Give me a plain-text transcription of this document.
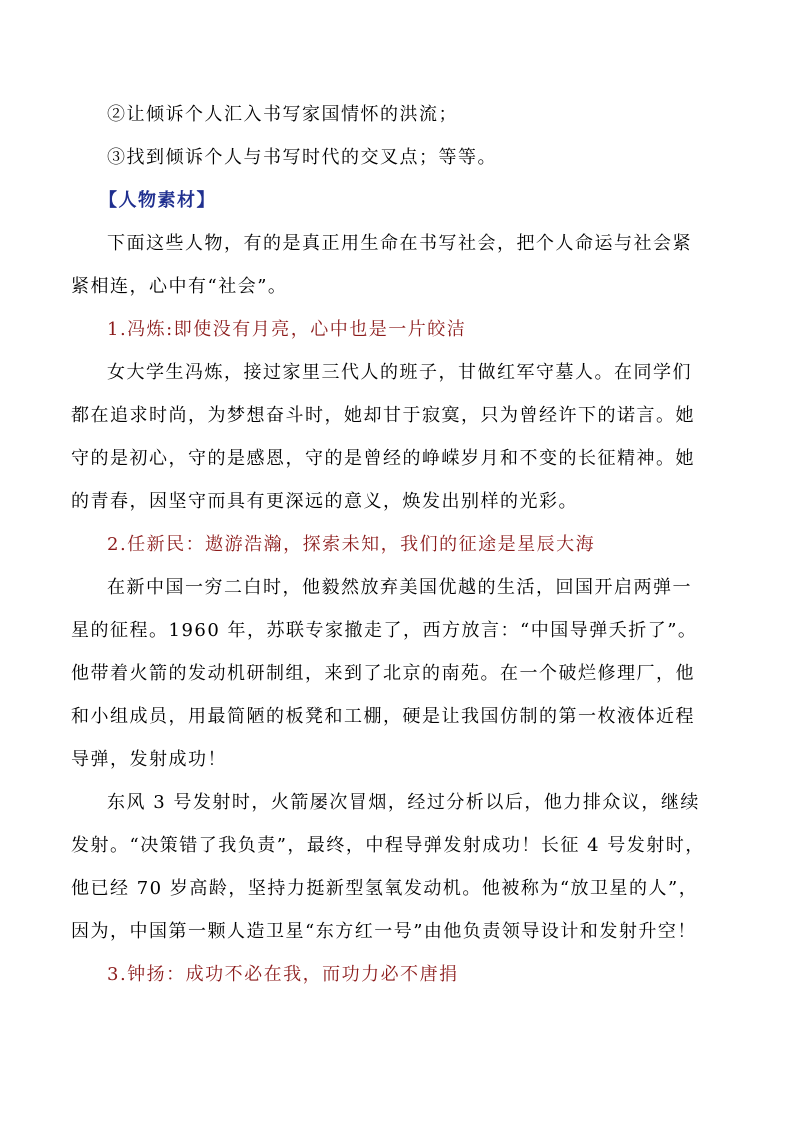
②让倾诉个人汇入书写家国情怀的洪流；
③找到倾诉个人与书写时代的交叉点；等等。
【人物素材】
下面这些人物，有的是真正用生命在书写社会，把个人命运与社会紧
紧相连，心中有“社会”。
1.冯炼:即使没有月亮，心中也是一片皎洁
女大学生冯炼，接过家里三代人的班子，甘做红军守墓人。在同学们
都在追求时尚，为梦想奋斗时，她却甘于寂寞，只为曾经许下的诺言。她
守的是初心，守的是感恩，守的是曾经的峥嵘岁月和不变的长征精神。她
的青春，因坚守而具有更深远的意义，焕发出别样的光彩。
2.任新民：遨游浩瀚，探索未知，我们的征途是星辰大海
在新中国一穷二白时，他毅然放弃美国优越的生活，回国开启两弹一
星的征程。1960 年，苏联专家撤走了，西方放言：“中国导弹夭折了”。
他带着火箭的发动机研制组，来到了北京的南苑。在一个破烂修理厂，他
和小组成员，用最简陋的板凳和工棚，硬是让我国仿制的第一枚液体近程
导弹，发射成功！
东风 3 号发射时，火箭屡次冒烟，经过分析以后，他力排众议，继续
发射。“决策错了我负责”，最终，中程导弹发射成功！长征 4 号发射时，
他已经 70 岁高龄，坚持力挺新型氢氧发动机。他被称为“放卫星的人”，
因为，中国第一颗人造卫星“东方红一号”由他负责领导设计和发射升空！
3.钟扬：成功不必在我，而功力必不唐捐
